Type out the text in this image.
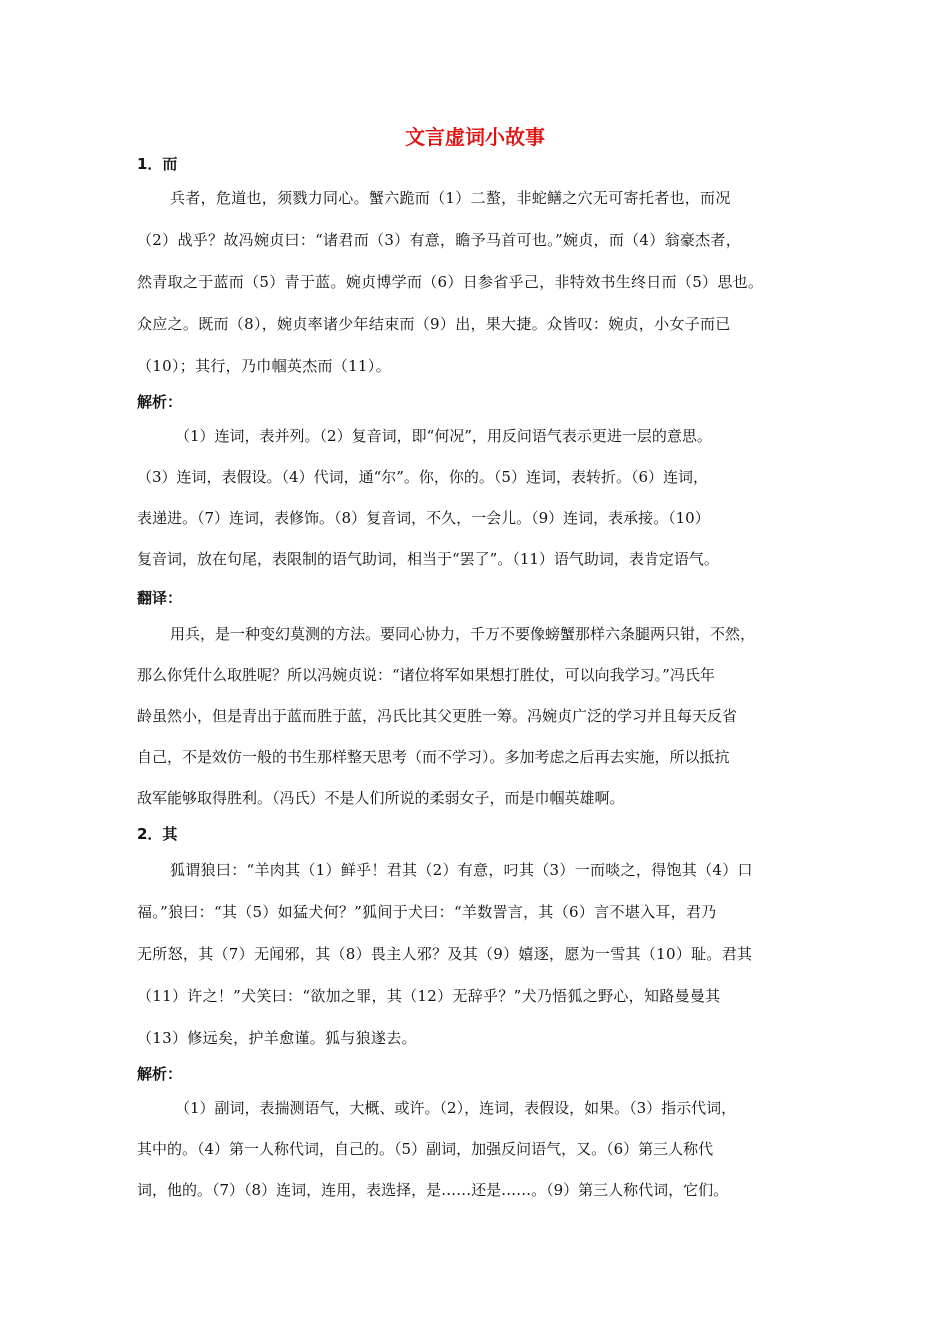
文言虚词小故事
1．而
兵者，危道也，须戮力同心。蟹六跪而（1）二螯，非蛇鳝之穴无可寄托者也，而况
（2）战乎？故冯婉贞曰：“诸君而（3）有意，瞻予马首可也。”婉贞，而（4）翁豪杰者，
然青取之于蓝而（5）青于蓝。婉贞博学而（6）日参省乎己，非特效书生终日而（5）思也。
众应之。既而（8），婉贞率诸少年结束而（9）出，果大捷。众皆叹：婉贞，小女子而已
（10）；其行，乃巾帼英杰而（11）。
解析：
（1）连词，表并列。（2）复音词，即“何况”，用反问语气表示更进一层的意思。
（3）连词，表假设。（4）代词，通“尔”。你，你的。（5）连词，表转折。（6）连词，
表递进。（7）连词，表修饰。（8）复音词，不久，一会儿。（9）连词，表承接。（10）
复音词，放在句尾，表限制的语气助词，相当于“罢了”。（11）语气助词，表肯定语气。
翻译：
用兵，是一种变幻莫测的方法。要同心协力，千万不要像螃蟹那样六条腿两只钳，不然，
那么你凭什么取胜呢？所以冯婉贞说：“诸位将军如果想打胜仗，可以向我学习。”冯氏年
龄虽然小，但是青出于蓝而胜于蓝，冯氏比其父更胜一筹。冯婉贞广泛的学习并且每天反省
自己，不是效仿一般的书生那样整天思考（而不学习）。多加考虑之后再去实施，所以抵抗
敌军能够取得胜利。（冯氏）不是人们所说的柔弱女子，而是巾帼英雄啊。
2．其
狐谓狼曰：“羊肉其（1）鲜乎！君其（2）有意，叼其（3）一而啖之，得饱其（4）口
福。”狼曰：“其（5）如猛犬何？”狐间于犬曰：“羊数詈言，其（6）言不堪入耳，君乃
无所怒，其（7）无闻邪，其（8）畏主人邪？及其（9）嬉逐，愿为一雪其（10）耻。君其
（11）许之！”犬笑曰：“欲加之罪，其（12）无辞乎？”犬乃悟狐之野心，知路曼曼其
（13）修远矣，护羊愈谨。狐与狼遂去。
解析：
（1）副词，表揣测语气，大概、或许。（2），连词，表假设，如果。（3）指示代词，
其中的。（4）第一人称代词，自己的。（5）副词，加强反问语气，又。（6）第三人称代
词，他的。（7）（8）连词，连用，表选择，是……还是……。（9）第三人称代词，它们。
